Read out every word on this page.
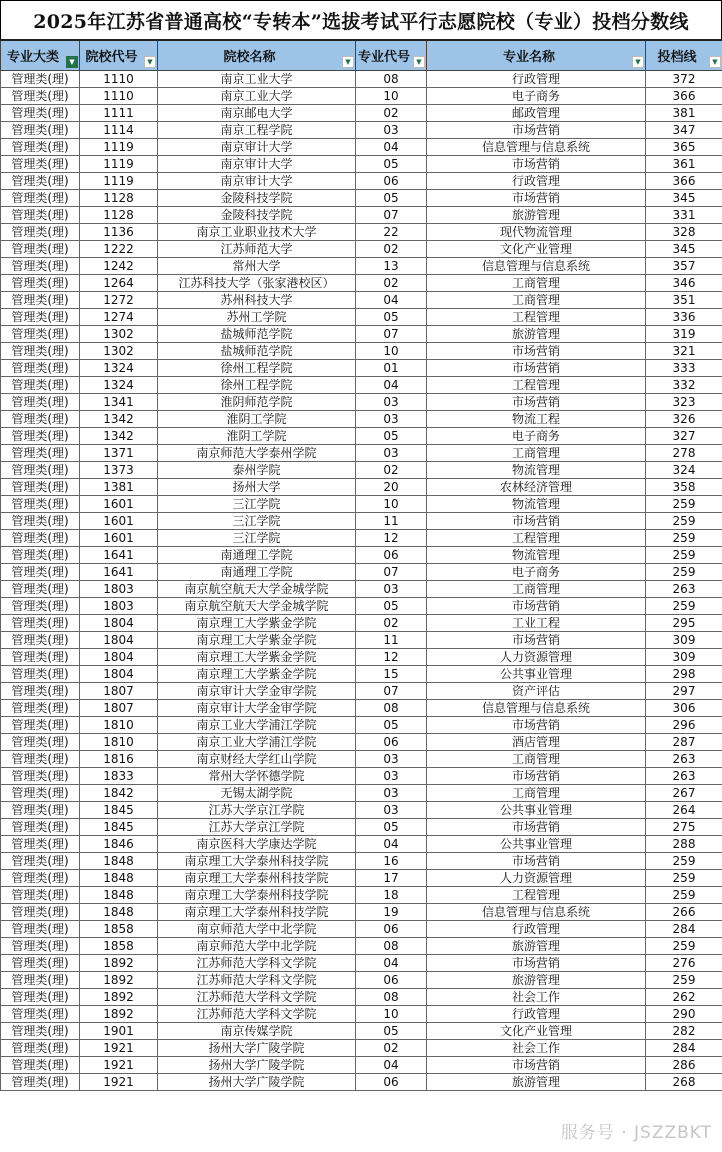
2025年江苏省普通高校“专转本”选拔考试平行志愿院校（专业）投档分数线
专业大类 ▼	院校代号 ▼	院校名称 ▼	专业代号 ▼	专业名称 ▼	投档线 ▼

管理类(理)	1110	南京工业大学	08	行政管理	372
管理类(理)	1110	南京工业大学	10	电子商务	366
管理类(理)	1111	南京邮电大学	02	邮政管理	381
管理类(理)	1114	南京工程学院	03	市场营销	347
管理类(理)	1119	南京审计大学	04	信息管理与信息系统	365
管理类(理)	1119	南京审计大学	05	市场营销	361
管理类(理)	1119	南京审计大学	06	行政管理	366
管理类(理)	1128	金陵科技学院	05	市场营销	345
管理类(理)	1128	金陵科技学院	07	旅游管理	331
管理类(理)	1136	南京工业职业技术大学	22	现代物流管理	328
管理类(理)	1222	江苏师范大学	02	文化产业管理	345
管理类(理)	1242	常州大学	13	信息管理与信息系统	357
管理类(理)	1264	江苏科技大学（张家港校区）	02	工商管理	346
管理类(理)	1272	苏州科技大学	04	工商管理	351
管理类(理)	1274	苏州工学院	05	工程管理	336
管理类(理)	1302	盐城师范学院	07	旅游管理	319
管理类(理)	1302	盐城师范学院	10	市场营销	321
管理类(理)	1324	徐州工程学院	01	市场营销	333
管理类(理)	1324	徐州工程学院	04	工程管理	332
管理类(理)	1341	淮阴师范学院	03	市场营销	323
管理类(理)	1342	淮阴工学院	03	物流工程	326
管理类(理)	1342	淮阴工学院	05	电子商务	327
管理类(理)	1371	南京师范大学泰州学院	03	工商管理	278
管理类(理)	1373	泰州学院	02	物流管理	324
管理类(理)	1381	扬州大学	20	农林经济管理	358
管理类(理)	1601	三江学院	10	物流管理	259
管理类(理)	1601	三江学院	11	市场营销	259
管理类(理)	1601	三江学院	12	工程管理	259
管理类(理)	1641	南通理工学院	06	物流管理	259
管理类(理)	1641	南通理工学院	07	电子商务	259
管理类(理)	1803	南京航空航天大学金城学院	03	工商管理	263
管理类(理)	1803	南京航空航天大学金城学院	05	市场营销	259
管理类(理)	1804	南京理工大学紫金学院	02	工业工程	295
管理类(理)	1804	南京理工大学紫金学院	11	市场营销	309
管理类(理)	1804	南京理工大学紫金学院	12	人力资源管理	309
管理类(理)	1804	南京理工大学紫金学院	15	公共事业管理	298
管理类(理)	1807	南京审计大学金审学院	07	资产评估	297
管理类(理)	1807	南京审计大学金审学院	08	信息管理与信息系统	306
管理类(理)	1810	南京工业大学浦江学院	05	市场营销	296
管理类(理)	1810	南京工业大学浦江学院	06	酒店管理	287
管理类(理)	1816	南京财经大学红山学院	03	工商管理	263
管理类(理)	1833	常州大学怀德学院	03	市场营销	263
管理类(理)	1842	无锡太湖学院	03	工商管理	267
管理类(理)	1845	江苏大学京江学院	03	公共事业管理	264
管理类(理)	1845	江苏大学京江学院	05	市场营销	275
管理类(理)	1846	南京医科大学康达学院	04	公共事业管理	288
管理类(理)	1848	南京理工大学泰州科技学院	16	市场营销	259
管理类(理)	1848	南京理工大学泰州科技学院	17	人力资源管理	259
管理类(理)	1848	南京理工大学泰州科技学院	18	工程管理	259
管理类(理)	1848	南京理工大学泰州科技学院	19	信息管理与信息系统	266
管理类(理)	1858	南京师范大学中北学院	06	行政管理	284
管理类(理)	1858	南京师范大学中北学院	08	旅游管理	259
管理类(理)	1892	江苏师范大学科文学院	04	市场营销	276
管理类(理)	1892	江苏师范大学科文学院	06	旅游管理	259
管理类(理)	1892	江苏师范大学科文学院	08	社会工作	262
管理类(理)	1892	江苏师范大学科文学院	10	行政管理	290
管理类(理)	1901	南京传媒学院	05	文化产业管理	282
管理类(理)	1921	扬州大学广陵学院	02	社会工作	284
管理类(理)	1921	扬州大学广陵学院	04	市场营销	286
管理类(理)	1921	扬州大学广陵学院	06	旅游管理	268
服务号 · JSZZBKT
